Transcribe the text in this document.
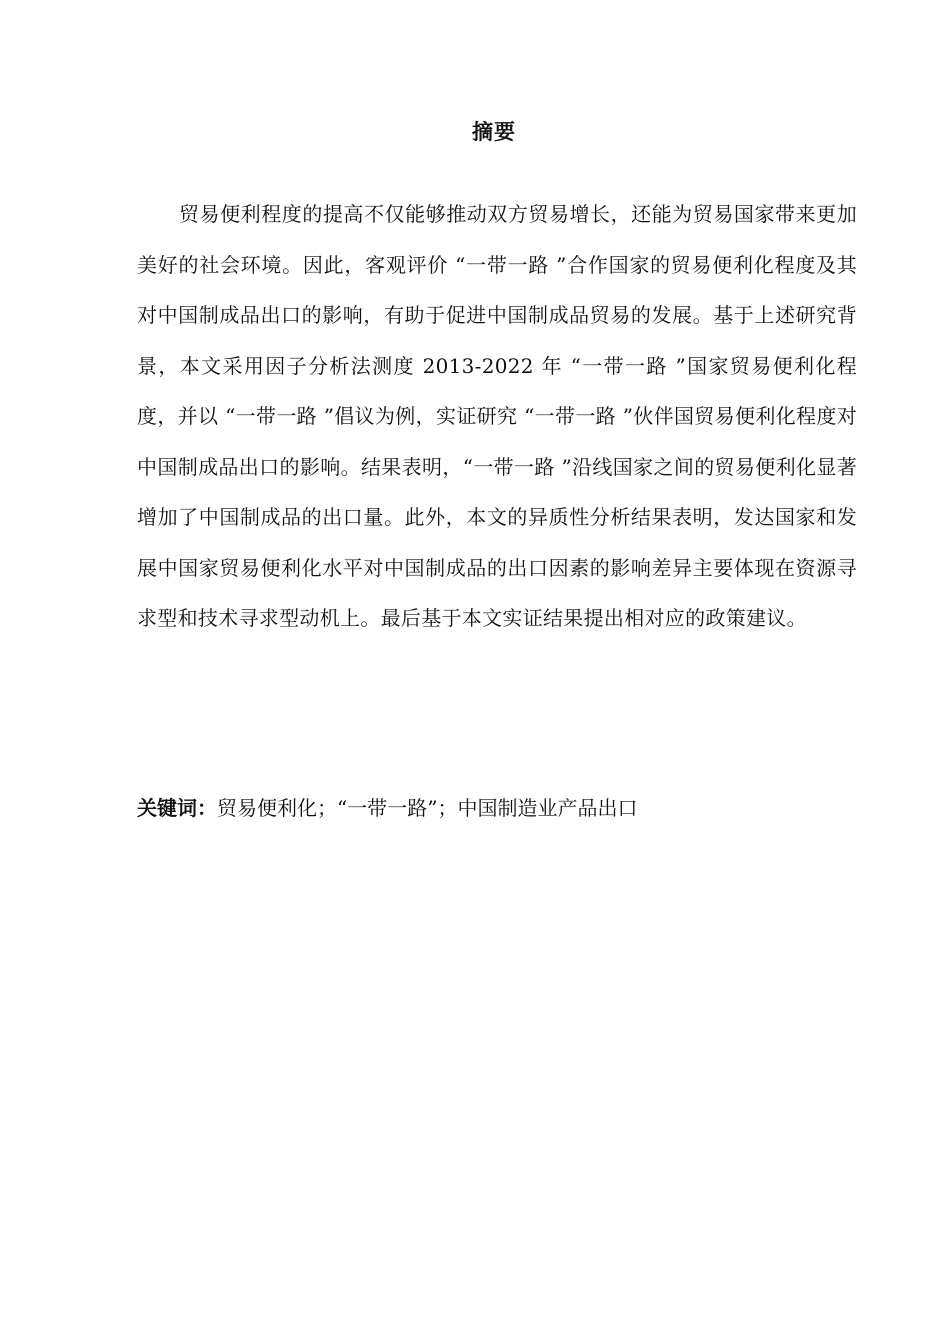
摘要

贸易便利程度的提高不仅能够推动双方贸易增长，还能为贸易国家带来更加美好的社会环境。因此，客观评价 “一带一路 ”合作国家的贸易便利化程度及其对中国制成品出口的影响，有助于促进中国制成品贸易的发展。基于上述研究背景，本文采用因子分析法测度 2013-2022 年 “一带一路 ”国家贸易便利化程度，并以 “一带一路 ”倡议为例，实证研究 “一带一路 ”伙伴国贸易便利化程度对中国制成品出口的影响。结果表明，“一带一路 ”沿线国家之间的贸易便利化显著增加了中国制成品的出口量。此外，本文的异质性分析结果表明，发达国家和发展中国家贸易便利化水平对中国制成品的出口因素的影响差异主要体现在资源寻求型和技术寻求型动机上。最后基于本文实证结果提出相对应的政策建议。

关键词：贸易便利化；“一带一路”；中国制造业产品出口
